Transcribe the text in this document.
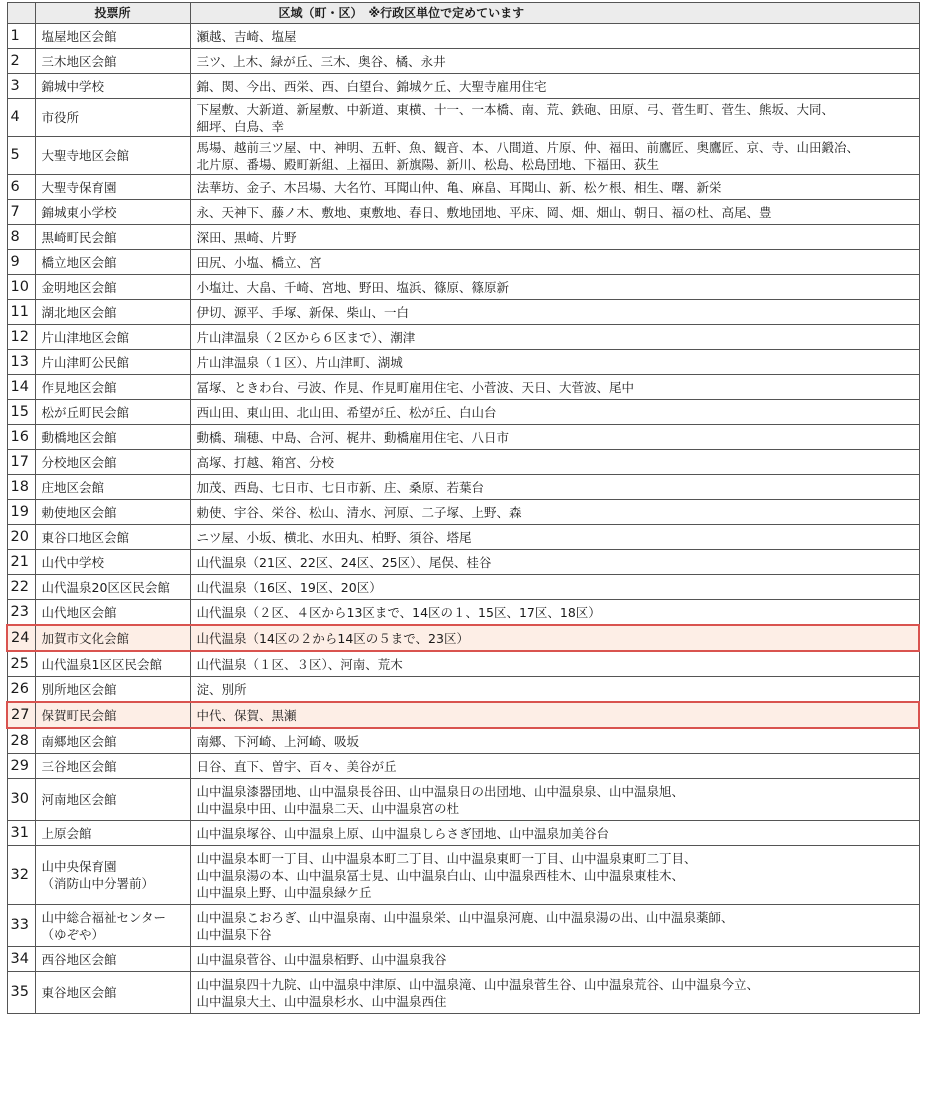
	投票所	区域（町・区）　※行政区単位で定めています
1	塩屋地区会館	瀬越、吉崎、塩屋

2	三木地区会館	三ツ、上木、緑が丘、三木、奥谷、橘、永井

3	錦城中学校	錦、関、今出、西栄、西、白望台、錦城ケ丘、大聖寺雇用住宅

4	市役所	下屋敷、大新道、新屋敷、中新道、東横、十一、一本橋、南、荒、鉄砲、田原、弓、菅生町、菅生、熊坂、大同、
細坪、白鳥、幸

5	大聖寺地区会館	馬場、越前三ツ屋、中、神明、五軒、魚、観音、本、八間道、片原、仲、福田、前鷹匠、奥鷹匠、京、寺、山田鍛冶、
北片原、番場、殿町新組、上福田、新旗陽、新川、松島、松島団地、下福田、荻生

6	大聖寺保育園	法華坊、金子、木呂場、大名竹、耳聞山仲、亀、麻畠、耳聞山、新、松ケ根、相生、曙、新栄

7	錦城東小学校	永、天神下、藤ノ木、敷地、東敷地、春日、敷地団地、平床、岡、畑、畑山、朝日、福の杜、高尾、豊

8	黒崎町民会館	深田、黒崎、片野

9	橋立地区会館	田尻、小塩、橋立、宮

10	金明地区会館	小塩辻、大畠、千崎、宮地、野田、塩浜、篠原、篠原新

11	湖北地区会館	伊切、源平、手塚、新保、柴山、一白

12	片山津地区会館	片山津温泉（２区から６区まで）、潮津

13	片山津町公民館	片山津温泉（１区）、片山津町、湖城

14	作見地区会館	冨塚、ときわ台、弓波、作見、作見町雇用住宅、小菅波、天日、大菅波、尾中

15	松が丘町民会館	西山田、東山田、北山田、希望が丘、松が丘、白山台

16	動橋地区会館	動橋、瑞穂、中島、合河、梶井、動橋雇用住宅、八日市

17	分校地区会館	高塚、打越、箱宮、分校

18	庄地区会館	加茂、西島、七日市、七日市新、庄、桑原、若葉台

19	勅使地区会館	勅使、宇谷、栄谷、松山、清水、河原、二子塚、上野、森

20	東谷口地区会館	ニツ屋、小坂、横北、水田丸、柏野、須谷、塔尾

21	山代中学校	山代温泉（21区、22区、24区、25区）、尾俣、桂谷

22	山代温泉20区区民会館	山代温泉（16区、19区、20区）

23	山代地区会館	山代温泉（２区、４区から13区まで、14区の１、15区、17区、18区）

24	加賀市文化会館	山代温泉（14区の２から14区の５まで、23区）

25	山代温泉1区区民会館	山代温泉（１区、３区）、河南、荒木

26	別所地区会館	淀、別所

27	保賀町民会館	中代、保賀、黒瀬

28	南郷地区会館	南郷、下河崎、上河崎、吸坂

29	三谷地区会館	日谷、直下、曽宇、百々、美谷が丘

30	河南地区会館	山中温泉漆器団地、山中温泉長谷田、山中温泉日の出団地、山中温泉泉、山中温泉旭、
山中温泉中田、山中温泉二天、山中温泉宮の杜

31	上原会館	山中温泉塚谷、山中温泉上原、山中温泉しらさぎ団地、山中温泉加美谷台

32	山中央保育園
（消防山中分署前）	山中温泉本町一丁目、山中温泉本町二丁目、山中温泉東町一丁目、山中温泉東町二丁目、
山中温泉湯の本、山中温泉冨士見、山中温泉白山、山中温泉西桂木、山中温泉東桂木、
山中温泉上野、山中温泉緑ケ丘

33	山中総合福祉センター
（ゆぞや）	山中温泉こおろぎ、山中温泉南、山中温泉栄、山中温泉河鹿、山中温泉湯の出、山中温泉薬師、
山中温泉下谷

34	西谷地区会館	山中温泉菅谷、山中温泉栢野、山中温泉我谷

35	東谷地区会館	山中温泉四十九院、山中温泉中津原、山中温泉滝、山中温泉菅生谷、山中温泉荒谷、山中温泉今立、
山中温泉大土、山中温泉杉水、山中温泉西住
